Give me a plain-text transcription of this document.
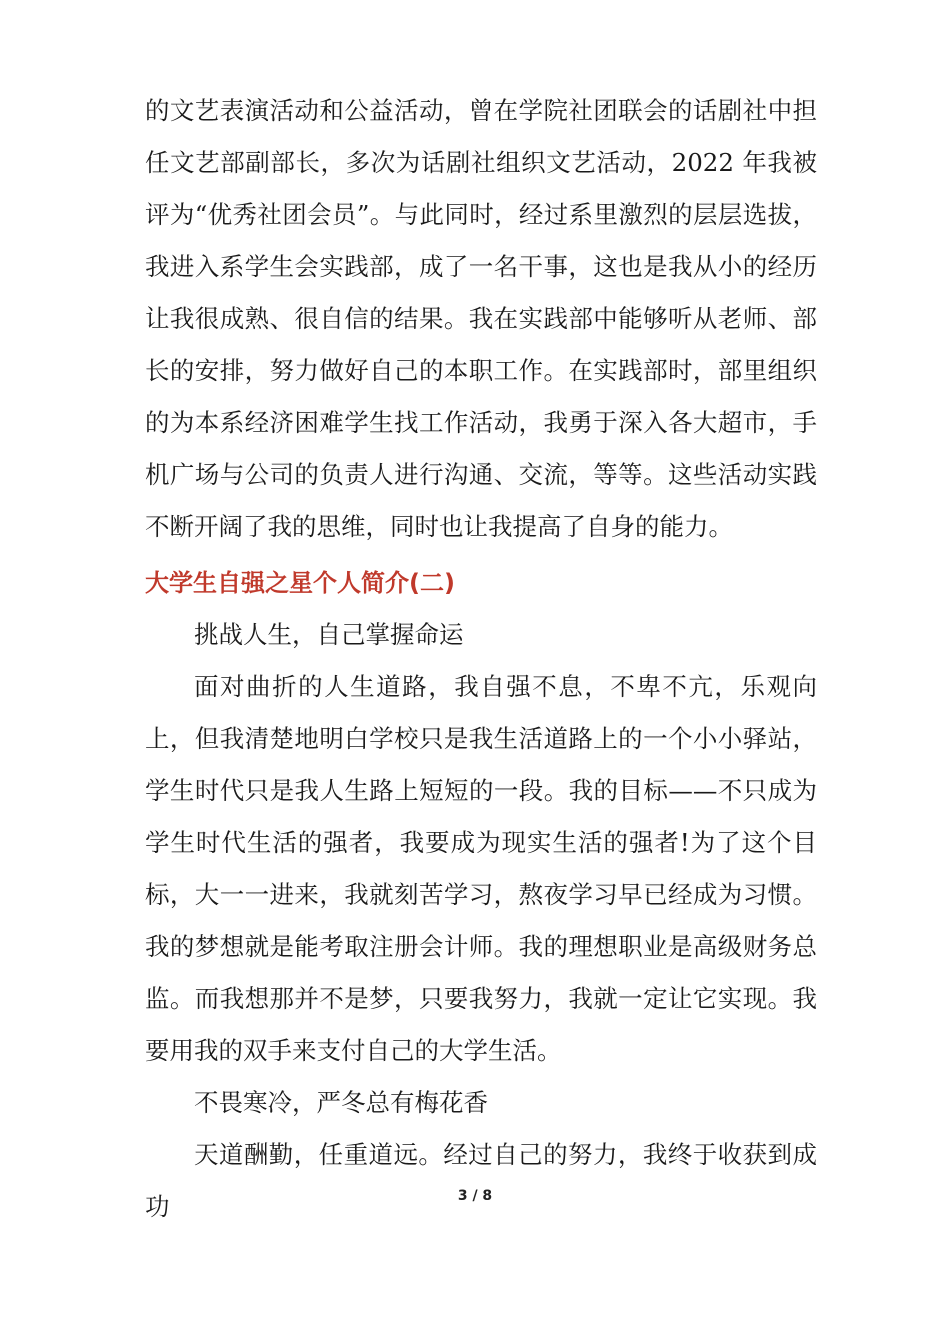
的文艺表演活动和公益活动，曾在学院社团联会的话剧社中担任文艺部副部长，多次为话剧社组织文艺活动，2022 年我被评为“优秀社团会员”。与此同时，经过系里激烈的层层选拔，我进入系学生会实践部，成了一名干事，这也是我从小的经历让我很成熟、很自信的结果。我在实践部中能够听从老师、部长的安排，努力做好自己的本职工作。在实践部时，部里组织的为本系经济困难学生找工作活动，我勇于深入各大超市，手机广场与公司的负责人进行沟通、交流，等等。这些活动实践不断开阔了我的思维，同时也让我提高了自身的能力。

大学生自强之星个人简介(二)

挑战人生，自己掌握命运

面对曲折的人生道路，我自强不息，不卑不亢，乐观向上，但我清楚地明白学校只是我生活道路上的一个小小驿站，学生时代只是我人生路上短短的一段。我的目标——不只成为学生时代生活的强者，我要成为现实生活的强者!为了这个目标，大一一进来，我就刻苦学习，熬夜学习早已经成为习惯。我的梦想就是能考取注册会计师。我的理想职业是高级财务总监。而我想那并不是梦，只要我努力，我就一定让它实现。我要用我的双手来支付自己的大学生活。

不畏寒冷，严冬总有梅花香

天道酬勤，任重道远。经过自己的努力，我终于收获到成功	3 / 8
